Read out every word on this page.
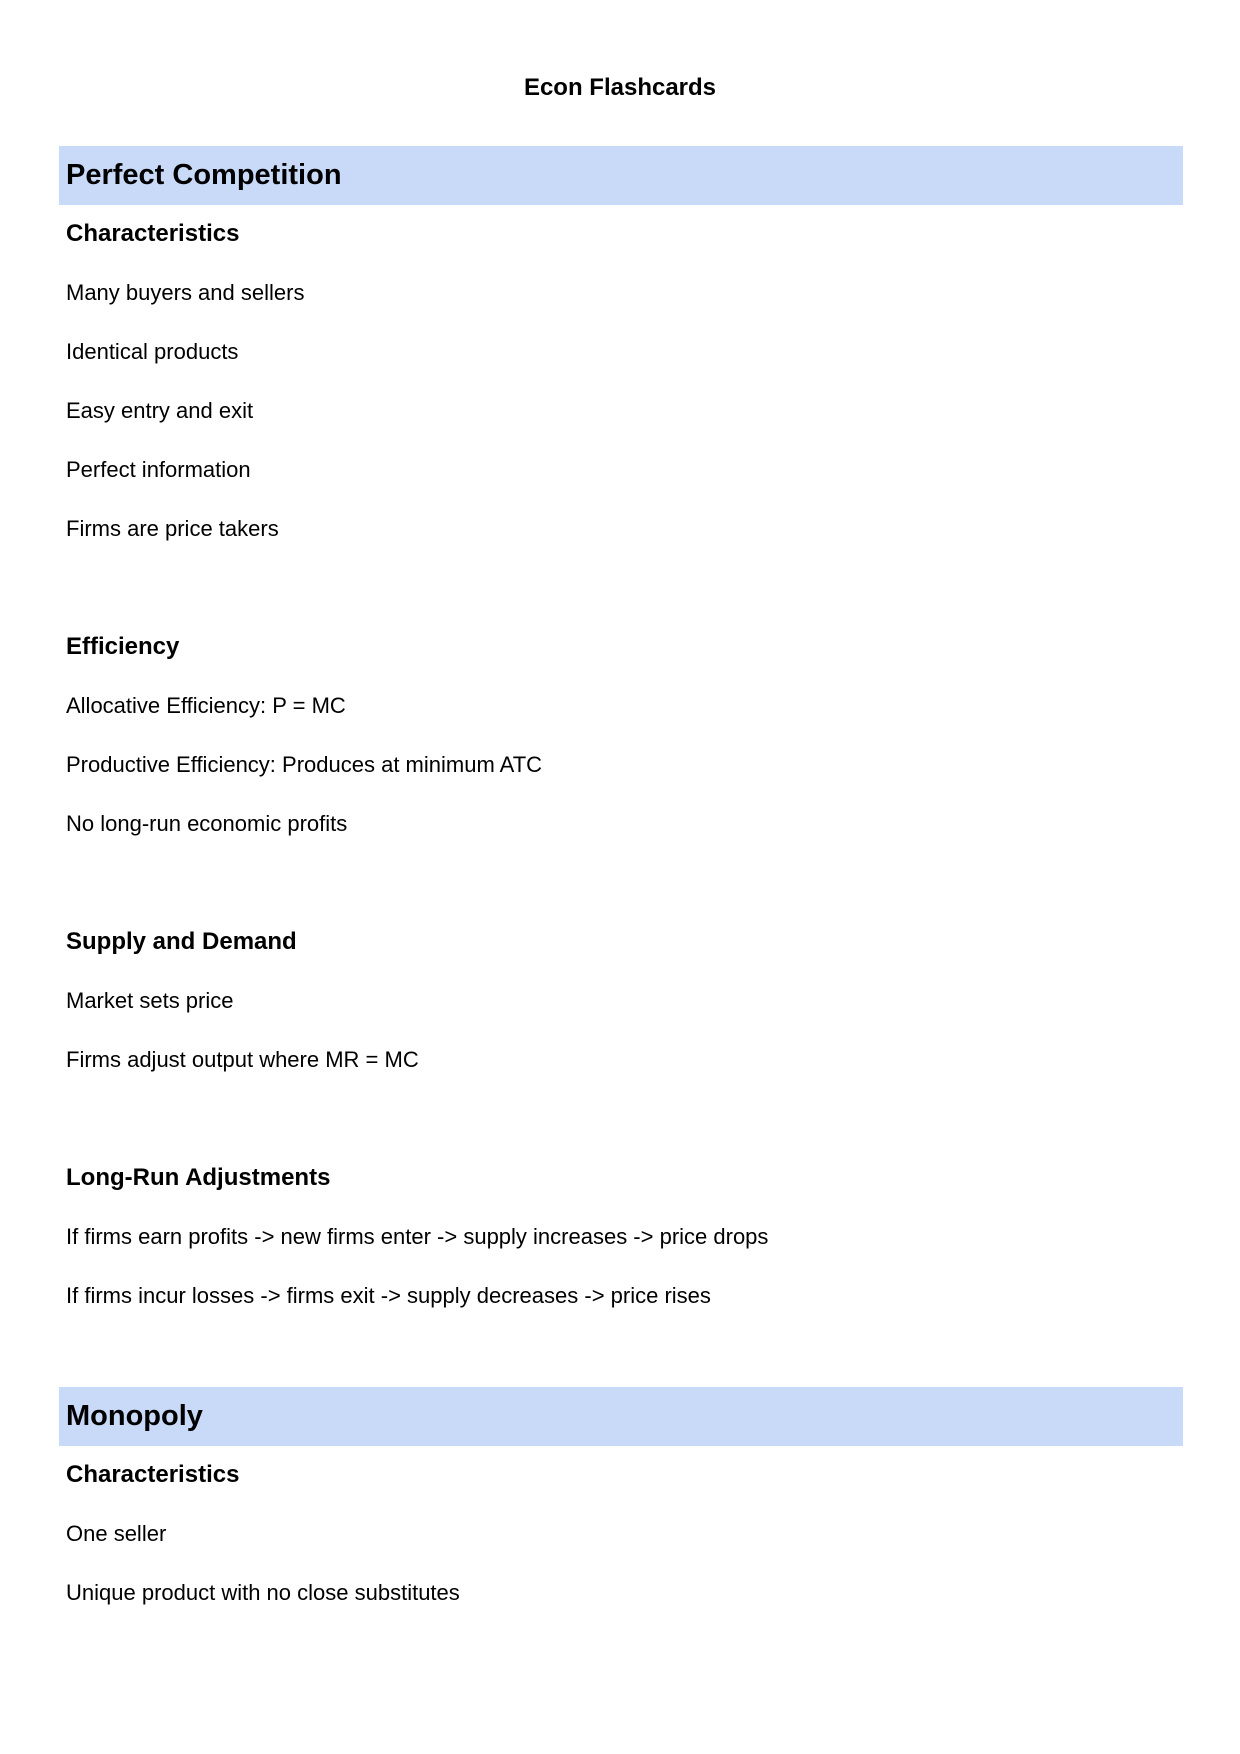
Econ Flashcards
Perfect Competition
Characteristics
Many buyers and sellers
Identical products
Easy entry and exit
Perfect information
Firms are price takers
Efficiency
Allocative Efficiency: P = MC
Productive Efficiency: Produces at minimum ATC
No long-run economic profits
Supply and Demand
Market sets price
Firms adjust output where MR = MC
Long-Run Adjustments
If firms earn profits -> new firms enter -> supply increases -> price drops
If firms incur losses -> firms exit -> supply decreases -> price rises
Monopoly
Characteristics
One seller
Unique product with no close substitutes
